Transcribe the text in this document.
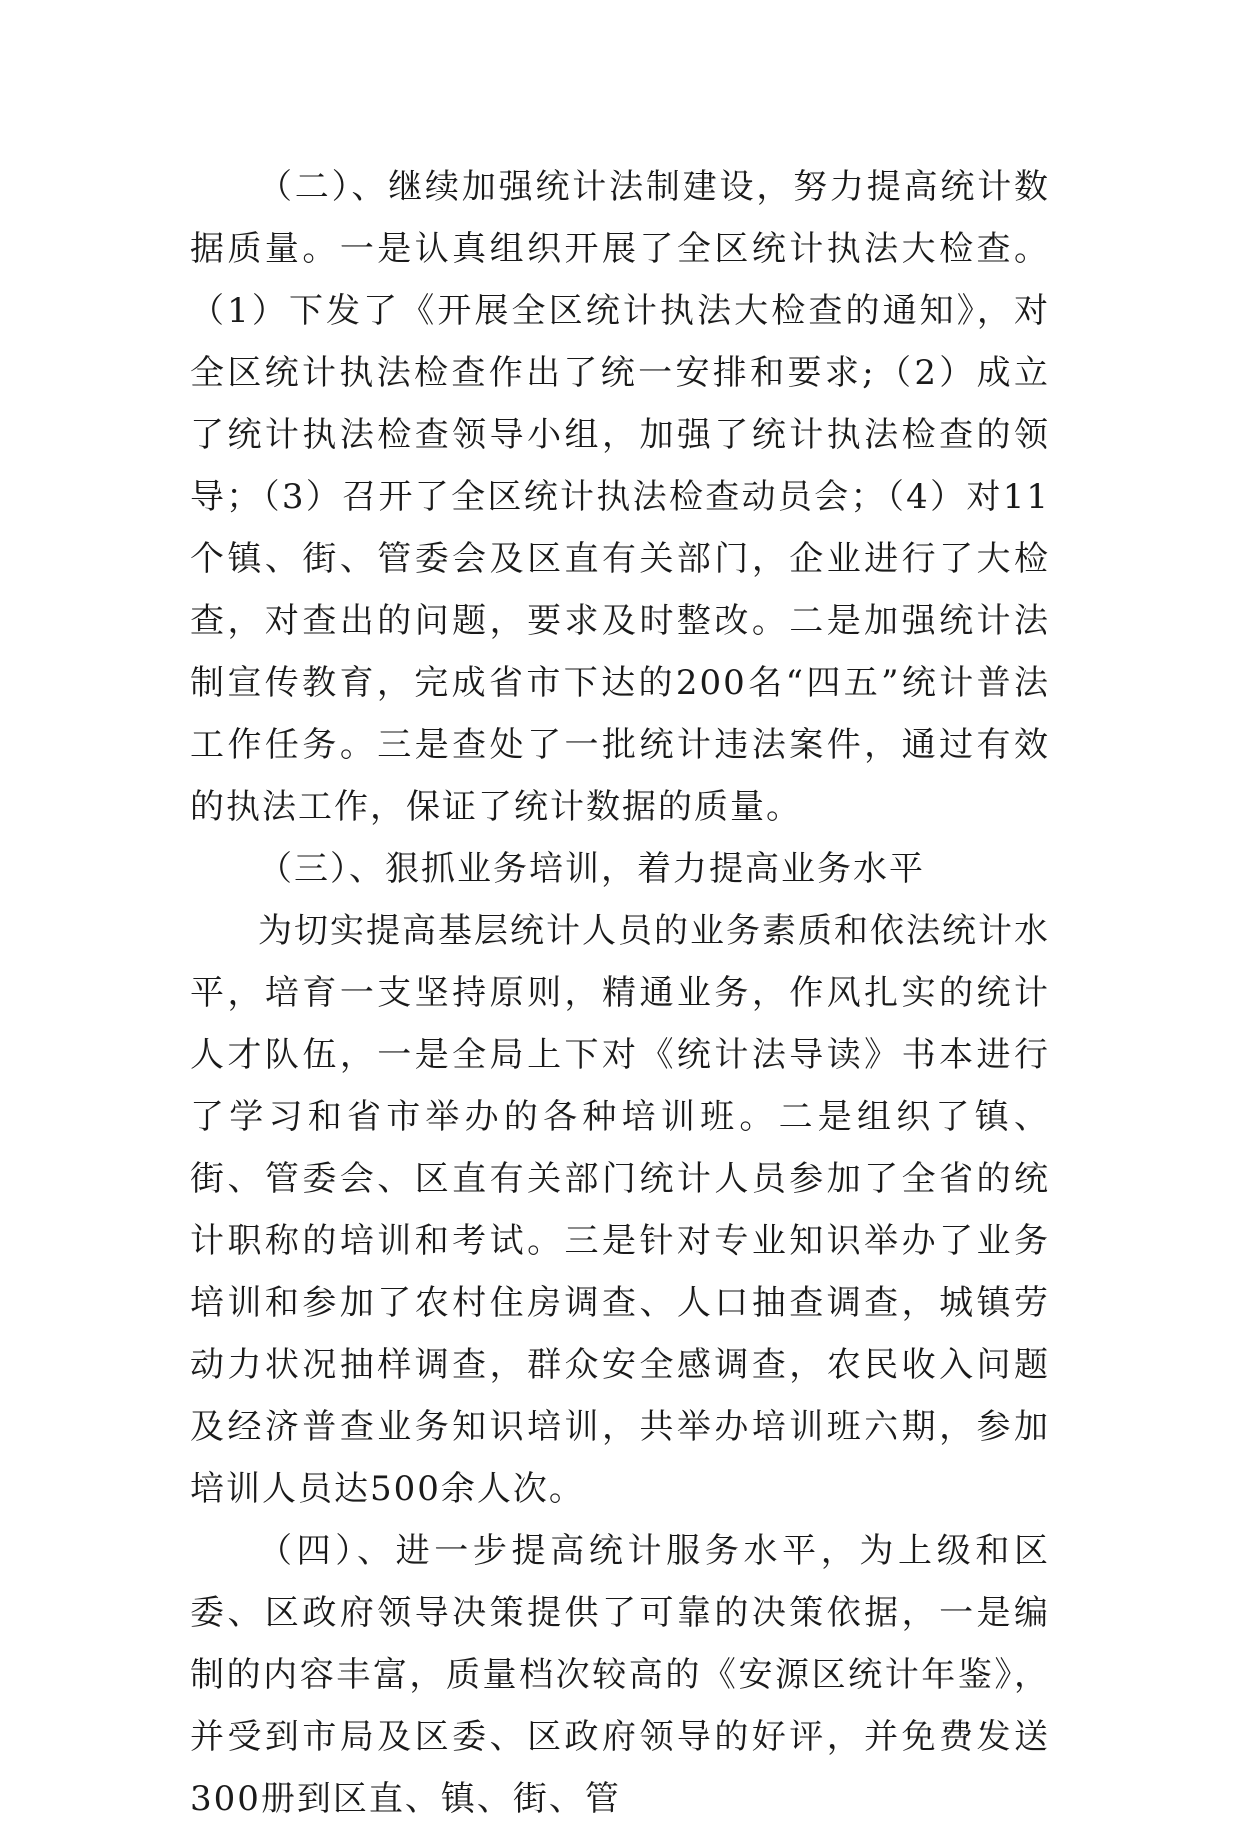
（二）、继续加强统计法制建设，努力提高统计数据质量。一是认真组织开展了全区统计执法大检查。（1）下发了《开展全区统计执法大检查的通知》，对全区统计执法检查作出了统一安排和要求;（2）成立了统计执法检查领导小组，加强了统计执法检查的领导；（3）召开了全区统计执法检查动员会；（4）对11个镇、街、管委会及区直有关部门，企业进行了大检查，对查出的问题，要求及时整改。二是加强统计法制宣传教育，完成省市下达的200名“四五”统计普法工作任务。三是查处了一批统计违法案件，通过有效的执法工作，保证了统计数据的质量。

（三）、狠抓业务培训，着力提高业务水平

为切实提高基层统计人员的业务素质和依法统计水平，培育一支坚持原则，精通业务，作风扎实的统计人才队伍，一是全局上下对《统计法导读》书本进行了学习和省市举办的各种培训班。二是组织了镇、街、管委会、区直有关部门统计人员参加了全省的统计职称的培训和考试。三是针对专业知识举办了业务培训和参加了农村住房调查、人口抽查调查，城镇劳动力状况抽样调查，群众安全感调查，农民收入问题及经济普查业务知识培训，共举办培训班六期，参加培训人员达500余人次。

（四）、进一步提高统计服务水平，为上级和区委、区政府领导决策提供了可靠的决策依据，一是编制的内容丰富，质量档次较高的《安源区统计年鉴》，并受到市局及区委、区政府领导的好评，并免费发送300册到区直、镇、街、管
